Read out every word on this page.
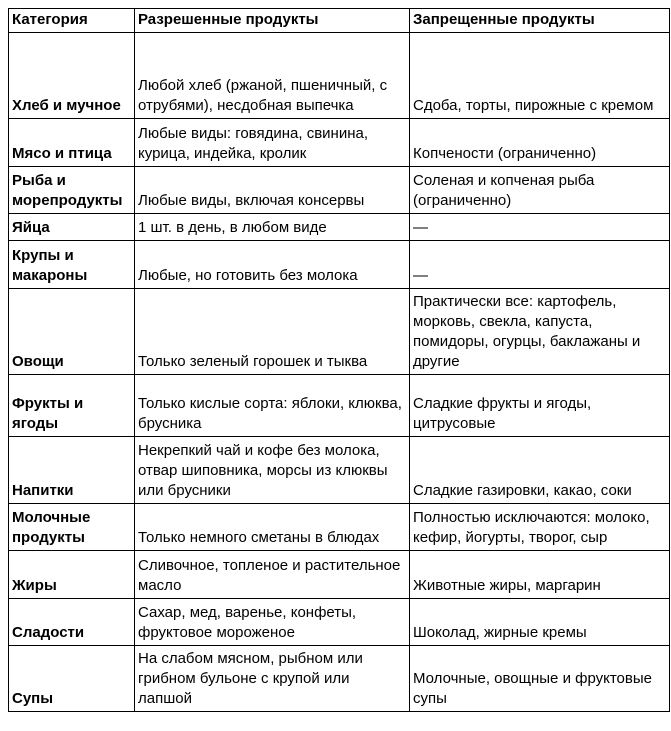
Категория	Разрешенные продукты	Запрещенные продукты
Хлеб и мучное	Любой хлеб (ржаной, пшеничный, с отрубями), несдобная выпечка	Сдоба, торты, пирожные с кремом
Мясо и птица	Любые виды: говядина, свинина, курица, индейка, кролик	Копчености (ограниченно)
Рыба и морепродукты	Любые виды, включая консервы	Соленая и копченая рыба (ограниченно)
Яйца	1 шт. в день, в любом виде	—
Крупы и макароны	Любые, но готовить без молока	—
Овощи	Только зеленый горошек и тыква	Практически все: картофель, морковь, свекла, капуста, помидоры, огурцы, баклажаны и другие
Фрукты и ягоды	Только кислые сорта: яблоки, клюква, брусника	Сладкие фрукты и ягоды, цитрусовые
Напитки	Некрепкий чай и кофе без молока, отвар шиповника, морсы из клюквы или брусники	Сладкие газировки, какао, соки
Молочные продукты	Только немного сметаны в блюдах	Полностью исключаются: молоко, кефир, йогурты, творог, сыр
Жиры	Сливочное, топленое и растительное масло	Животные жиры, маргарин
Сладости	Сахар, мед, варенье, конфеты, фруктовое мороженое	Шоколад, жирные кремы
Супы	На слабом мясном, рыбном или грибном бульоне с крупой или лапшой	Молочные, овощные и фруктовые супы
